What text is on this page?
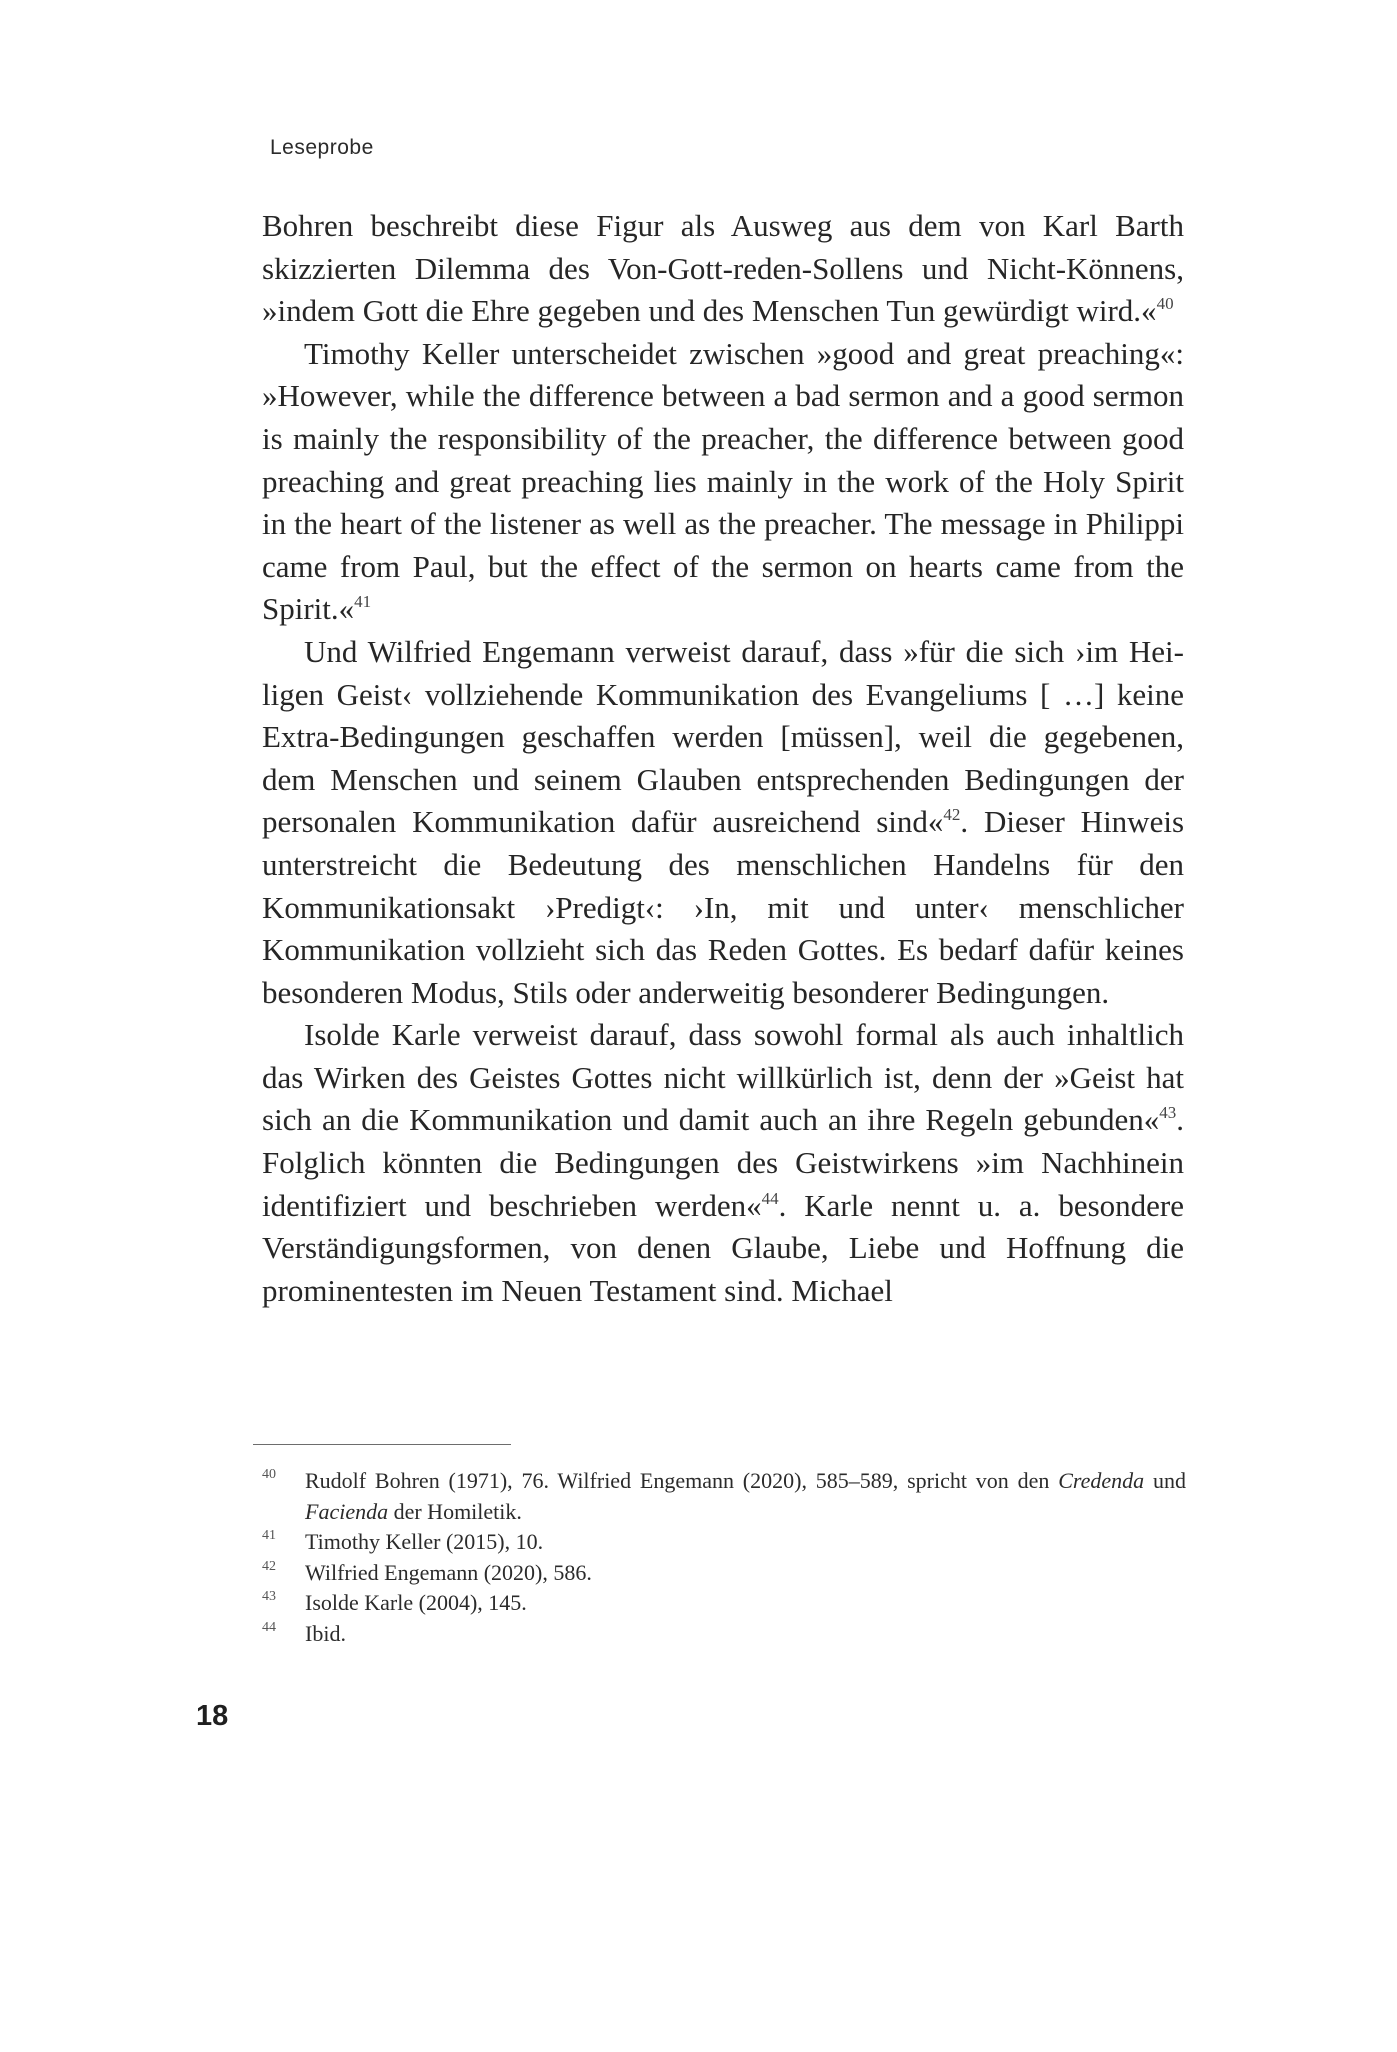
Leseprobe

Bohren beschreibt diese Figur als Ausweg aus dem von Karl Barth skizzierten Dilemma des Von-Gott-reden-Sollens und Nicht-Könnens, »indem Gott die Ehre gegeben und des Menschen Tun gewürdigt wird.«$^{40}$

Timothy Keller unterscheidet zwischen »good and great preaching«: »However, while the difference between a bad sermon and a good sermon is mainly the responsibility of the preacher, the difference between good preaching and great preaching lies mainly in the work of the Holy Spirit in the heart of the listener as well as the preacher. The message in Philippi came from Paul, but the effect of the sermon on hearts came from the Spirit.«$^{41}$

Und Wilfried Engemann verweist darauf, dass »für die sich ›im Heiligen Geist‹ vollziehende Kommunikation des Evangeliums [ …] keine Extra-Bedingungen geschaffen werden [müssen], weil die gegebenen, dem Menschen und seinem Glauben entsprechenden Bedingungen der personalen Kommunikation dafür ausreichend sind«$^{42}$. Dieser Hinweis unterstreicht die Bedeutung des menschlichen Handelns für den Kommunikationsakt ›Predigt‹: ›In, mit und unter‹ menschlicher Kommunikation vollzieht sich das Reden Gottes. Es bedarf dafür keines besonderen Modus, Stils oder anderweitig besonderer Bedingungen.

Isolde Karle verweist darauf, dass sowohl formal als auch inhaltlich das Wirken des Geistes Gottes nicht willkürlich ist, denn der »Geist hat sich an die Kommunikation und damit auch an ihre Regeln gebunden«$^{43}$. Folglich könnten die Bedingungen des Geistwirkens »im Nachhinein identifiziert und beschrieben werden«$^{44}$. Karle nennt u. a. besondere Verständigungsformen, von denen Glaube, Liebe und Hoffnung die prominentesten im Neuen Testament sind. Michael

40 Rudolf Bohren (1971), 76. Wilfried Engemann (2020), 585–589, spricht von den Credenda und Facienda der Homiletik.
41 Timothy Keller (2015), 10.
42 Wilfried Engemann (2020), 586.
43 Isolde Karle (2004), 145.
44 Ibid.
18
